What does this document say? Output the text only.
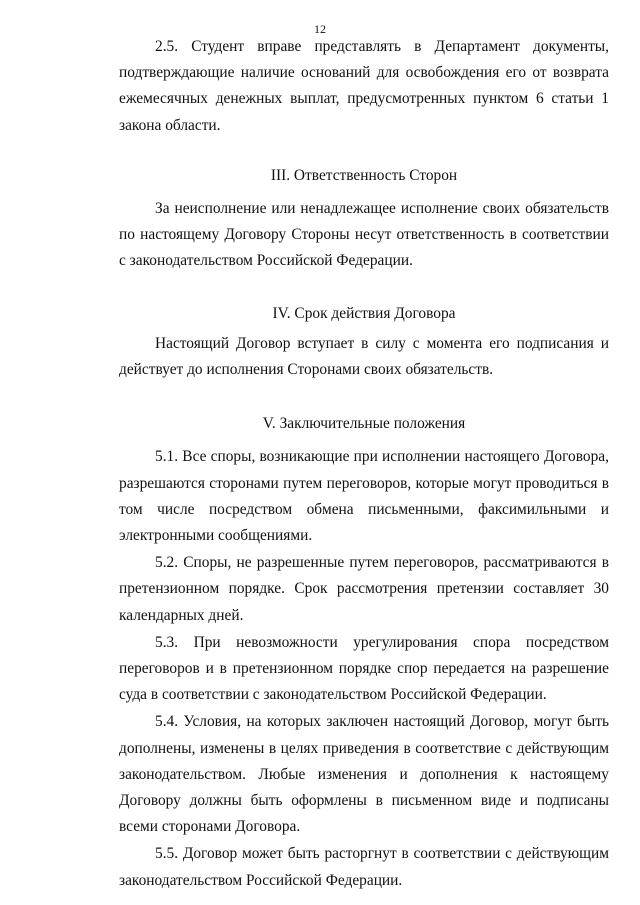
12

2.5. Студент вправе представлять в Департамент документы, подтверждающие наличие оснований для освобождения его от возврата ежемесячных денежных выплат, предусмотренных пунктом 6 статьи 1 закона области.

III. Ответственность Сторон

За неисполнение или ненадлежащее исполнение своих обязательств по настоящему Договору Стороны несут ответственность в соответствии с законодательством Российской Федерации.

IV. Срок действия Договора

Настоящий Договор вступает в силу с момента его подписания и действует до исполнения Сторонами своих обязательств.

V. Заключительные положения

5.1. Все споры, возникающие при исполнении настоящего Договора, разрешаются сторонами путем переговоров, которые могут проводиться в том числе посредством обмена письменными, факсимильными и электронными сообщениями.

5.2. Споры, не разрешенные путем переговоров, рассматриваются в претензионном порядке. Срок рассмотрения претензии составляет 30 календарных дней.

5.3. При невозможности урегулирования спора посредством переговоров и в претензионном порядке спор передается на разрешение суда в соответствии с законодательством Российской Федерации.

5.4. Условия, на которых заключен настоящий Договор, могут быть дополнены, изменены в целях приведения в соответствие с действующим законодательством. Любые изменения и дополнения к настоящему Договору должны быть оформлены в письменном виде и подписаны всеми сторонами Договора.

5.5. Договор может быть расторгнут в соответствии с действующим законодательством Российской Федерации.
